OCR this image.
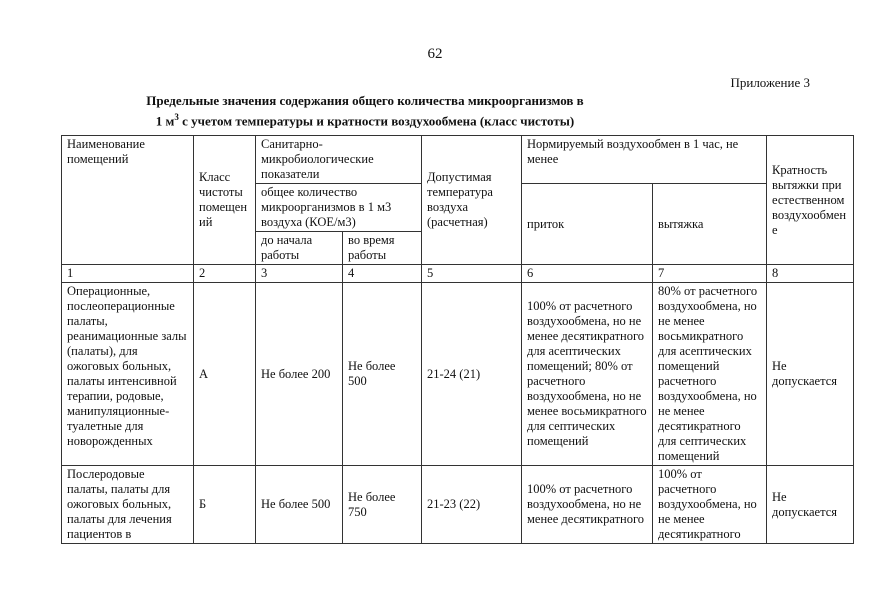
62
Приложение 3
Предельные значения содержания общего количества микроорганизмов в
1 $м^3$ с учетом температуры и кратности воздухообмена (класс чистоты)
Наименование помещений	Класс чистоты помещен ий	Санитарно-микробиологические показатели		Допустимая температура воздуха (расчетная)	Нормируемый воздухообмен в 1 час, не менее		Кратность вытяжки при естественном воздухообмен е
		общее количество микроорганизмов в 1 м3 воздуха (КОЕ/м3)			приток	вытяжка	
		до начала работы	во время работы				
1	2	3	4	5	6	7	8
Операционные, послеоперационные палаты, реанимационные залы (палаты), для ожоговых больных, палаты интенсивной терапии, родовые, манипуляционные-туалетные для новорожденных	А	Не более 200	Не более 500	21-24 (21)	100% от расчетного воздухообмена, но не менее десятикратного для асептических помещений; 80% от расчетного воздухообмена, но не менее восьмикратного для септических помещений	80% от расчетного воздухообмена, но не менее восьмикратного для асептических помещений расчетного воздухообмена, но не менее десятикратного для септических помещений	Не допускается
Послеродовые палаты, палаты для ожоговых больных, палаты для лечения пациентов в	Б	Не более 500	Не более 750	21-23 (22)	100% от расчетного воздухообмена, но не менее десятикратного	100% от расчетного воздухообмена, но не менее десятикратного	Не допускается
